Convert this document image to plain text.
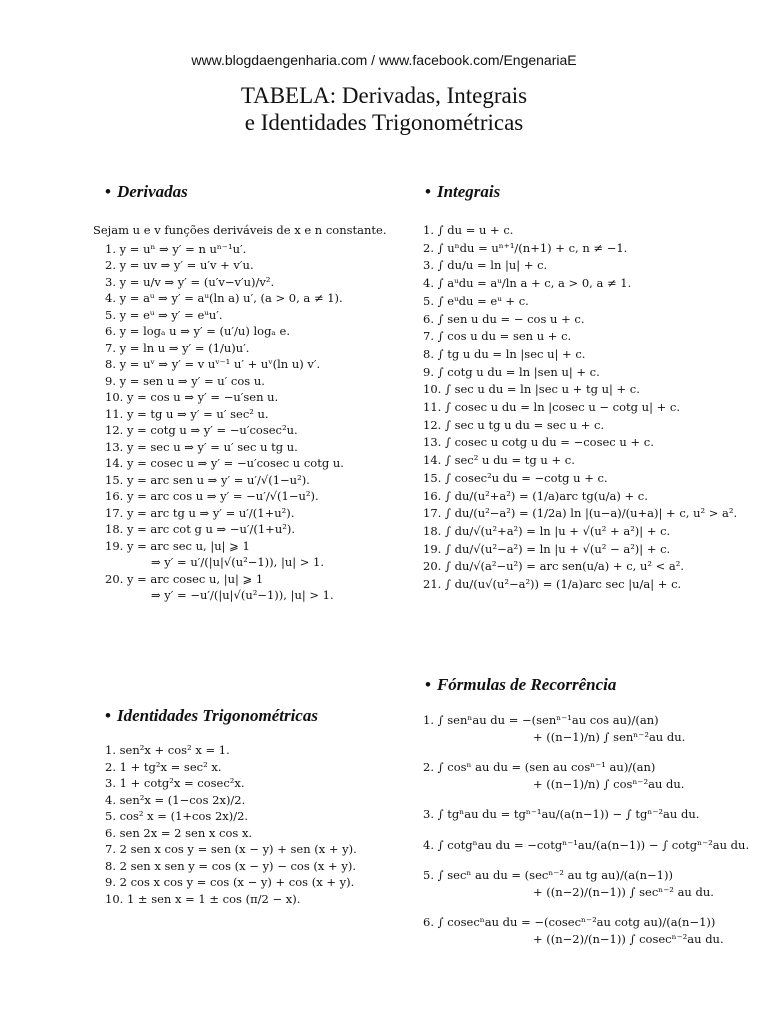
www.blogdaengenharia.com / www.facebook.com/EngenariaE
TABELA: Derivadas, Integrais
e Identidades Trigonométricas
• Derivadas

Sejam u e v funções deriváveis de x e n constante.

1. y = uⁿ ⇒ y′ = n uⁿ⁻¹u′.
2. y = uv ⇒ y′ = u′v + v′u.
3. y = u/v ⇒ y′ = (u′v−v′u)/v².
4. y = aᵘ ⇒ y′ = aᵘ(ln a) u′, (a > 0, a ≠ 1).
5. y = eᵘ ⇒ y′ = eᵘu′.
6. y = logₐ u ⇒ y′ = (u′/u) logₐ e.
7. y = ln u ⇒ y′ = (1/u)u′.
8. y = uᵛ ⇒ y′ = v uᵛ⁻¹ u′ + uᵛ(ln u) v′.
9. y = sen u ⇒ y′ = u′ cos u.
10. y = cos u ⇒ y′ = −u′sen u.
11. y = tg u ⇒ y′ = u′ sec² u.
12. y = cotg u ⇒ y′ = −u′cosec²u.
13. y = sec u ⇒ y′ = u′ sec u tg u.
14. y = cosec u ⇒ y′ = −u′cosec u cotg u.
15. y = arc sen u ⇒ y′ = u′/√(1−u²).
16. y = arc cos u ⇒ y′ = −u′/√(1−u²).
17. y = arc tg u ⇒ y′ = u′/(1+u²).
18. y = arc cot g u ⇒ −u′/(1+u²).
19. y = arc sec u, |u| ⩾ 1
⇒ y′ = u′/(|u|√(u²−1)), |u| > 1.
20. y = arc cosec u, |u| ⩾ 1
⇒ y′ = −u′/(|u|√(u²−1)), |u| > 1.
• Identidades Trigonométricas
1. sen²x + cos² x = 1.
2. 1 + tg²x = sec² x.
3. 1 + cotg²x = cosec²x.
4. sen²x = (1−cos 2x)/2.
5. cos² x = (1+cos 2x)/2.
6. sen 2x = 2 sen x cos x.
7. 2 sen x cos y = sen (x − y) + sen (x + y).
8. 2 sen x sen y = cos (x − y) − cos (x + y).
9. 2 cos x cos y = cos (x − y) + cos (x + y).
10. 1 ± sen x = 1 ± cos (π/2 − x).
• Integrais
1. ∫ du = u + c.
2. ∫ uⁿdu = uⁿ⁺¹/(n+1) + c, n ≠ −1.
3. ∫ du/u = ln |u| + c.
4. ∫ aᵘdu = aᵘ/ln a + c, a > 0, a ≠ 1.
5. ∫ eᵘdu = eᵘ + c.
6. ∫ sen u du = − cos u + c.
7. ∫ cos u du = sen u + c.
8. ∫ tg u du = ln |sec u| + c.
9. ∫ cotg u du = ln |sen u| + c.
10. ∫ sec u du = ln |sec u + tg u| + c.
11. ∫ cosec u du = ln |cosec u − cotg u| + c.
12. ∫ sec u tg u du = sec u + c.
13. ∫ cosec u cotg u du = −cosec u + c.
14. ∫ sec² u du = tg u + c.
15. ∫ cosec²u du = −cotg u + c.
16. ∫ du/(u²+a²) = (1/a)arc tg(u/a) + c.
17. ∫ du/(u²−a²) = (1/2a) ln |(u−a)/(u+a)| + c, u² > a².
18. ∫ du/√(u²+a²) = ln |u + √(u² + a²)| + c.
19. ∫ du/√(u²−a²) = ln |u + √(u² − a²)| + c.
20. ∫ du/√(a²−u²) = arc sen(u/a) + c, u² < a².
21. ∫ du/(u√(u²−a²)) = (1/a)arc sec |u/a| + c.
• Fórmulas de Recorrência
1. ∫ senⁿau du = −(senⁿ⁻¹au cos au)/(an)
+ ((n−1)/n) ∫ senⁿ⁻²au du.
2. ∫ cosⁿ au du = (sen au cosⁿ⁻¹ au)/(an)
+ ((n−1)/n) ∫ cosⁿ⁻²au du.
3. ∫ tgⁿau du = tgⁿ⁻¹au/(a(n−1)) − ∫ tgⁿ⁻²au du.
4. ∫ cotgⁿau du = −cotgⁿ⁻¹au/(a(n−1)) − ∫ cotgⁿ⁻²au du.
5. ∫ secⁿ au du = (secⁿ⁻² au tg au)/(a(n−1))
+ ((n−2)/(n−1)) ∫ secⁿ⁻² au du.
6. ∫ cosecⁿau du = −(cosecⁿ⁻²au cotg au)/(a(n−1))
+ ((n−2)/(n−1)) ∫ cosecⁿ⁻²au du.
